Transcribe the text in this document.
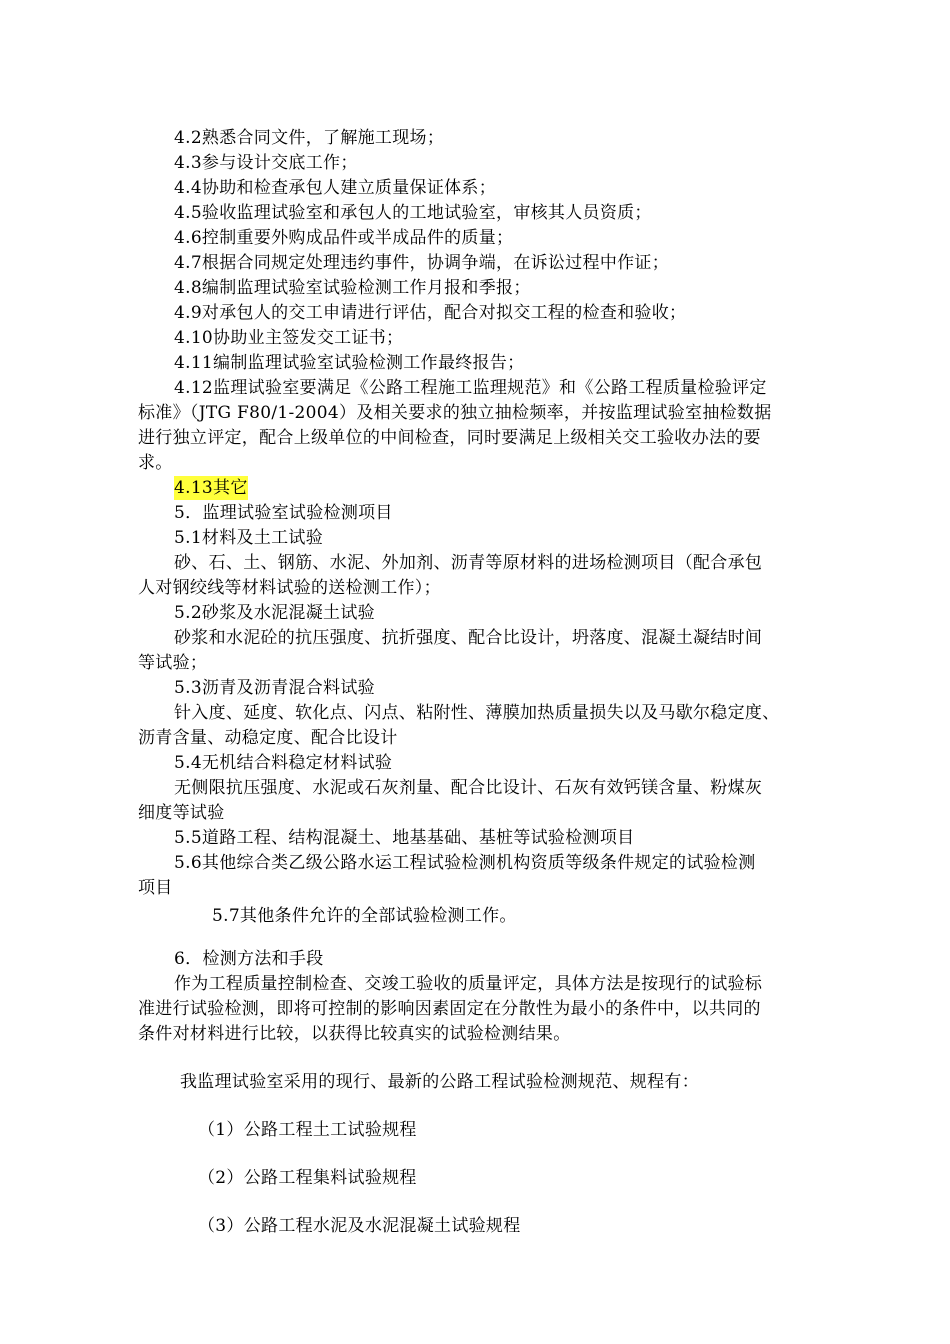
4.2熟悉合同文件，了解施工现场；
4.3参与设计交底工作；
4.4协助和检查承包人建立质量保证体系；
4.5验收监理试验室和承包人的工地试验室，审核其人员资质；
4.6控制重要外购成品件或半成品件的质量；
4.7根据合同规定处理违约事件，协调争端，在诉讼过程中作证；
4.8编制监理试验室试验检测工作月报和季报；
4.9对承包人的交工申请进行评估，配合对拟交工程的检查和验收；
4.10协助业主签发交工证书；
4.11编制监理试验室试验检测工作最终报告；
4.12监理试验室要满足《公路工程施工监理规范》和《公路工程质量检验评定
标准》（JTG F80/1-2004）及相关要求的独立抽检频率，并按监理试验室抽检数据
进行独立评定，配合上级单位的中间检查，同时要满足上级相关交工验收办法的要
求。
4.13其它
5．监理试验室试验检测项目
5.1材料及土工试验
砂、石、土、钢筋、水泥、外加剂、沥青等原材料的进场检测项目（配合承包
人对钢绞线等材料试验的送检测工作）；
5.2砂浆及水泥混凝土试验
砂浆和水泥砼的抗压强度、抗折强度、配合比设计，坍落度、混凝土凝结时间
等试验；
5.3沥青及沥青混合料试验
针入度、延度、软化点、闪点、粘附性、薄膜加热质量损失以及马歇尔稳定度、
沥青含量、动稳定度、配合比设计
5.4无机结合料稳定材料试验
无侧限抗压强度、水泥或石灰剂量、配合比设计、石灰有效钙镁含量、粉煤灰
细度等试验
5.5道路工程、结构混凝土、地基基础、基桩等试验检测项目
5.6其他综合类乙级公路水运工程试验检测机构资质等级条件规定的试验检测
项目
5.7其他条件允许的全部试验检测工作。
6．检测方法和手段
作为工程质量控制检查、交竣工验收的质量评定，具体方法是按现行的试验标
准进行试验检测，即将可控制的影响因素固定在分散性为最小的条件中，以共同的
条件对材料进行比较，以获得比较真实的试验检测结果。
我监理试验室采用的现行、最新的公路工程试验检测规范、规程有：
（1）公路工程土工试验规程
（2）公路工程集料试验规程
（3）公路工程水泥及水泥混凝土试验规程
